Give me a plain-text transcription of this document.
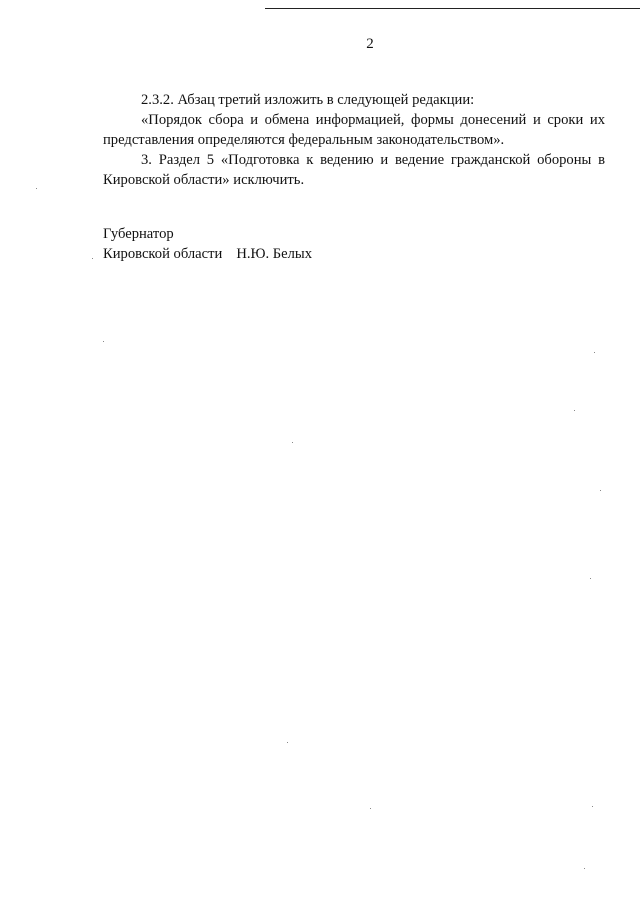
2

2.3.2. Абзац третий изложить в следующей редакции:

«Порядок сбора и обмена информацией, формы донесений и сроки их представления определяются федеральным законодательством».

3. Раздел 5 «Подготовка к ведению и ведение гражданской обороны в Кировской области» исключить.

Губернатор
Кировской области Н.Ю. Белых
